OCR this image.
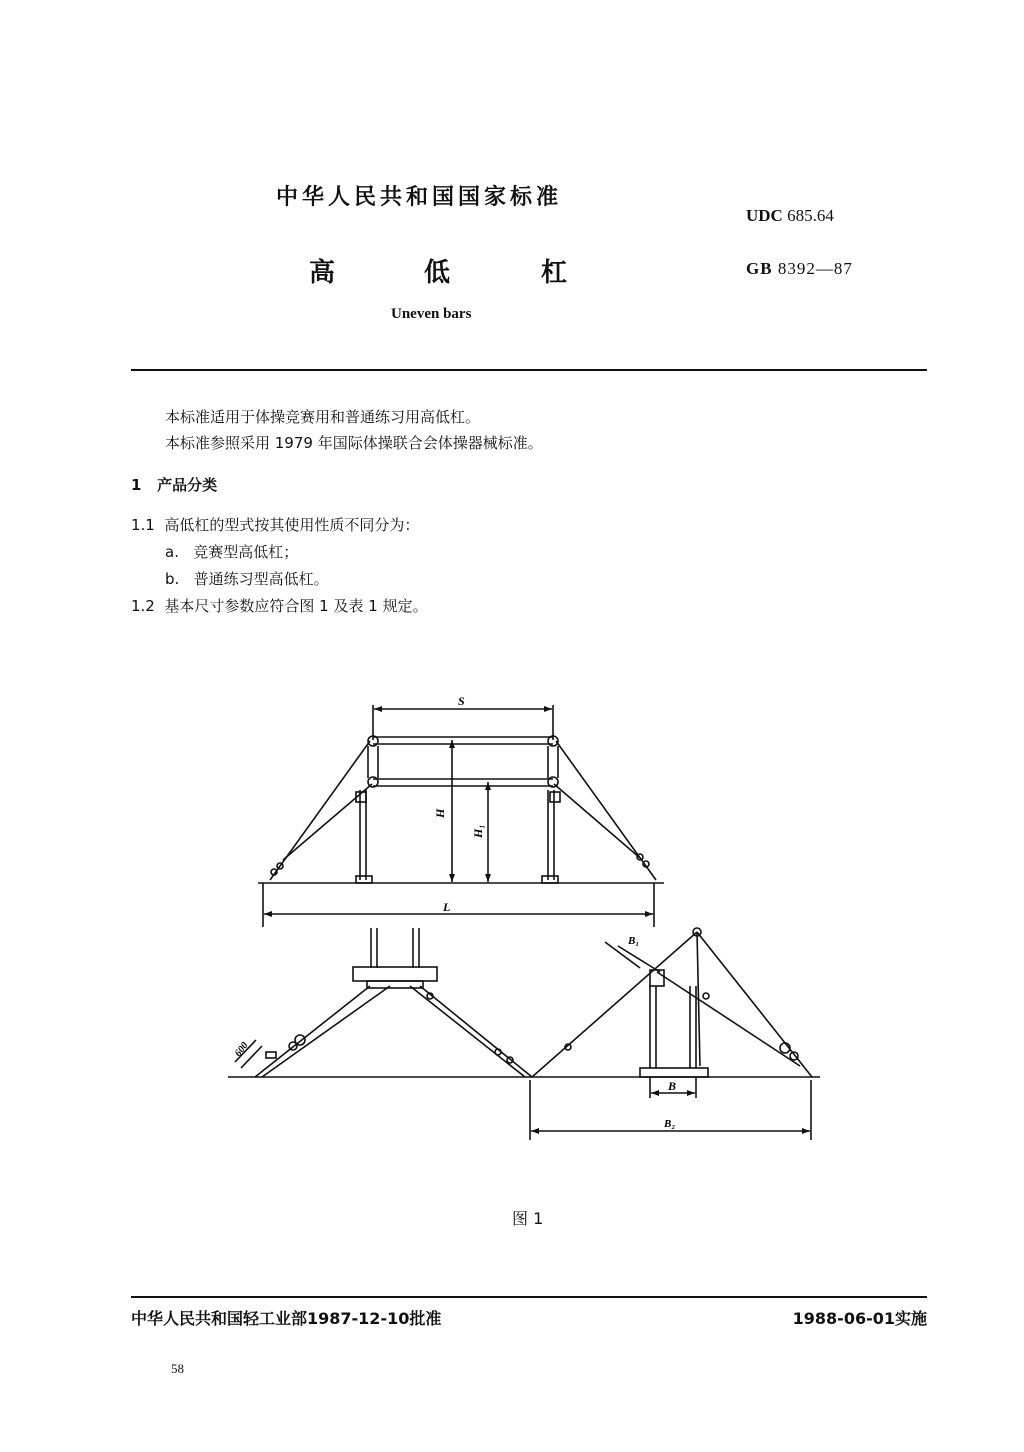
中华人民共和国国家标准
UDC 685.64
高	低	杠	GB 8392—87
Uneven bars
本标准适用于体操竞赛用和普通练习用高低杠。
本标准参照采用 1979 年国际体操联合会体操器械标准。
1 产品分类
1.1 高低杠的型式按其使用性质不同分为：
a. 竞赛型高低杠；
b. 普通练习型高低杠。
1.2 基本尺寸参数应符合图 1 及表 1 规定。
S
H
H₁
L
B₁
B
B₂
600
图 1
中华人民共和国轻工业部1987-12-10批准	1988-06-01实施
58
